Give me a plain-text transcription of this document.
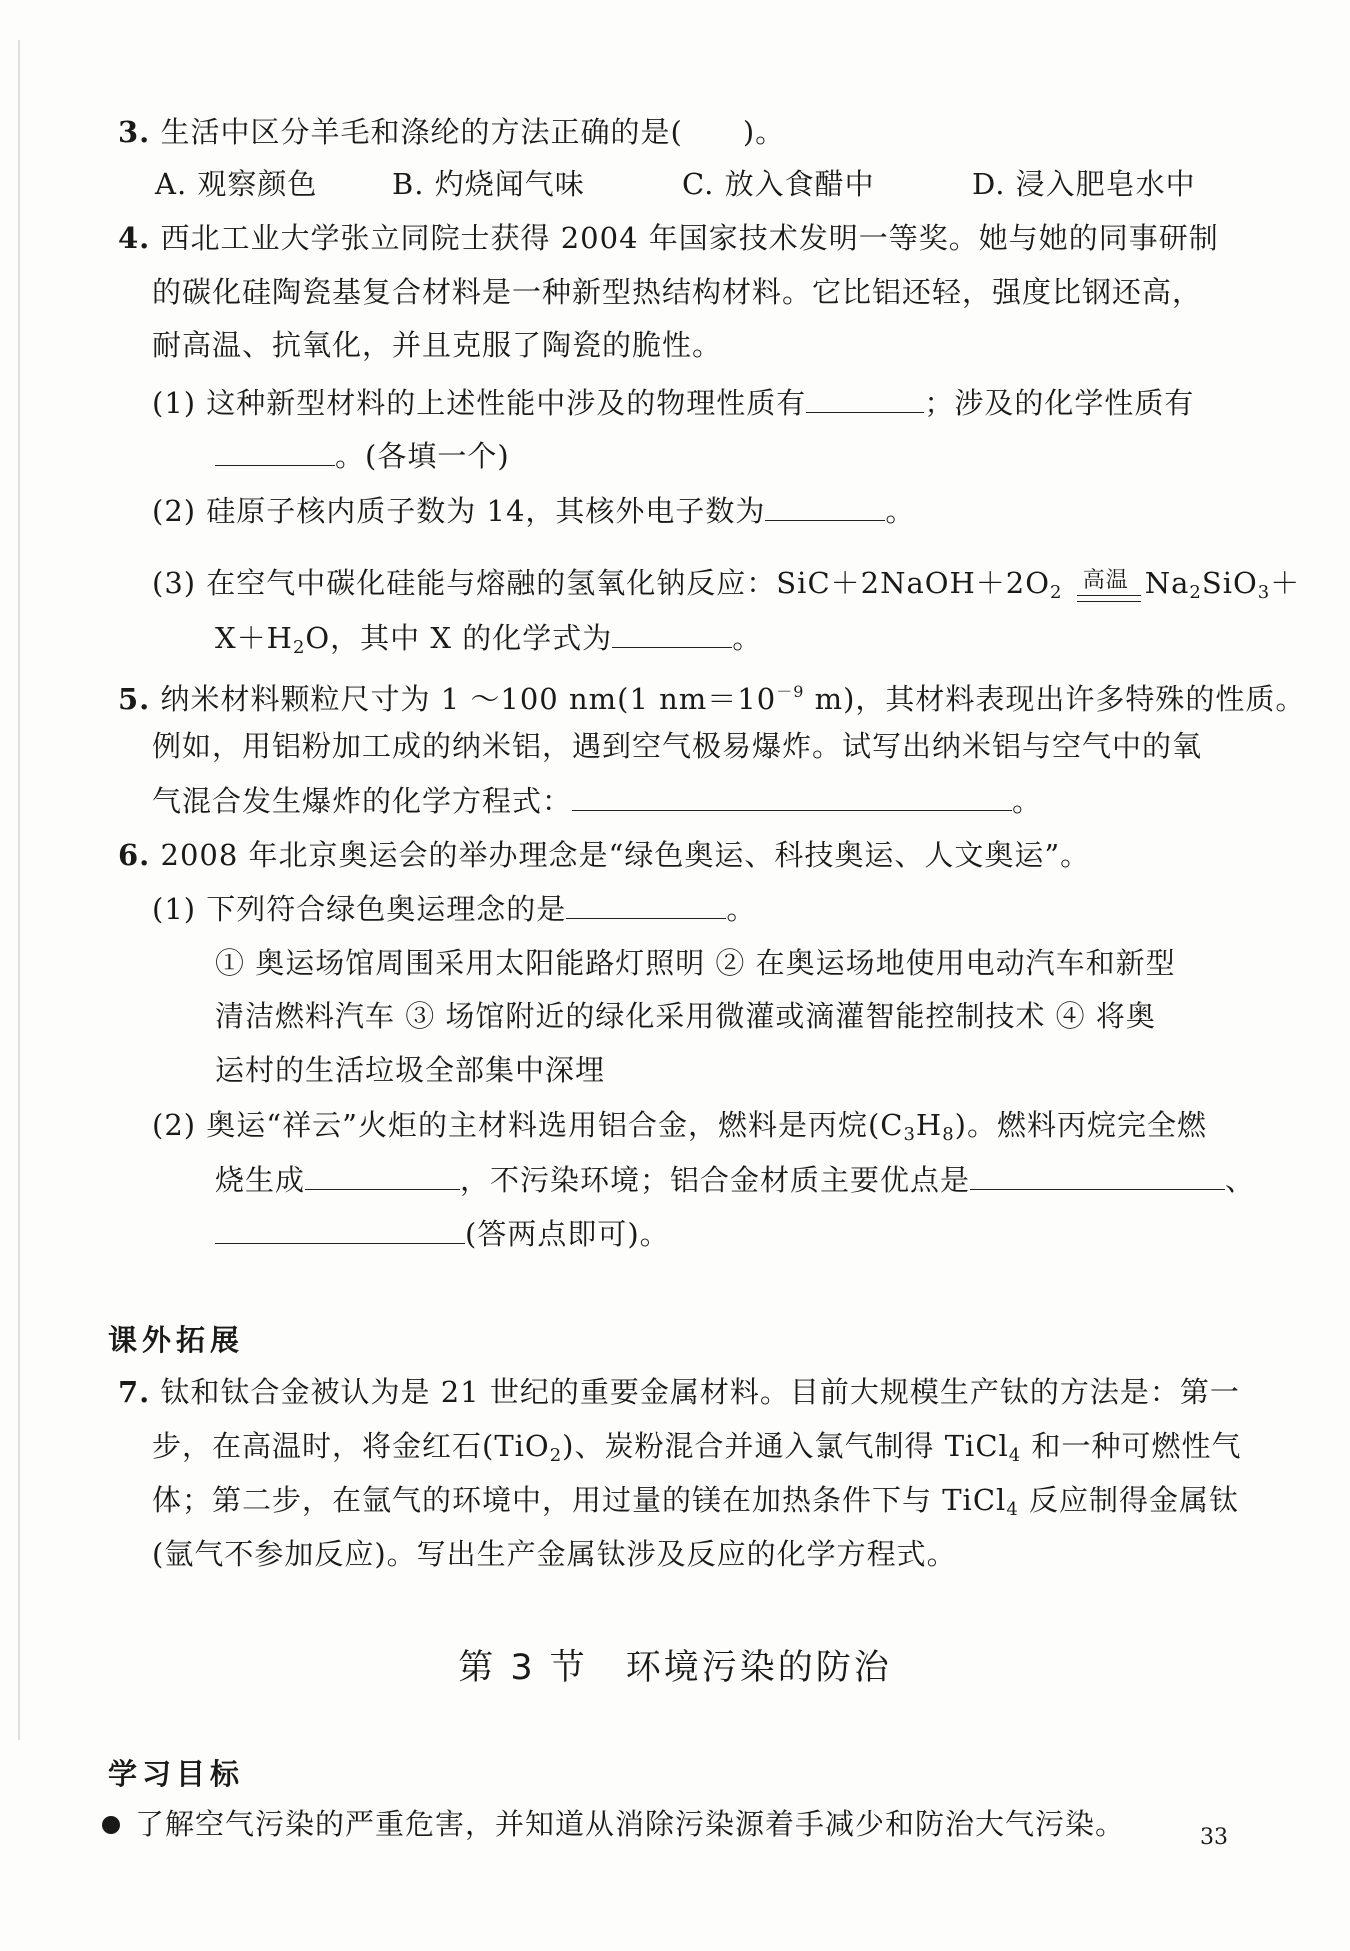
3. 生活中区分羊毛和涤纶的方法正确的是(　　)。
A. 观察颜色	B. 灼烧闻气味	C. 放入食醋中	D. 浸入肥皂水中
4. 西北工业大学张立同院士获得 2004 年国家技术发明一等奖。她与她的同事研制
的碳化硅陶瓷基复合材料是一种新型热结构材料。它比铝还轻，强度比钢还高，
耐高温、抗氧化，并且克服了陶瓷的脆性。
(1) 这种新型材料的上述性能中涉及的物理性质有	；涉及的化学性质有
。(各填一个)
(2) 硅原子核内质子数为 14，其核外电子数为	。
(3) 在空气中碳化硅能与熔融的氢氧化钠反应：$SiC+2NaOH+2O_2$ 高温 $Na_2SiO_3+$
$X+H_2O$，其中 X 的化学式为	。
5. 纳米材料颗粒尺寸为 1 ～100 nm(1 $nm=10^{-9}$ m)，其材料表现出许多特殊的性质。
例如，用铝粉加工成的纳米铝，遇到空气极易爆炸。试写出纳米铝与空气中的氧
气混合发生爆炸的化学方程式：	。
6. 2008 年北京奥运会的举办理念是“绿色奥运、科技奥运、人文奥运”。
(1) 下列符合绿色奥运理念的是	。
① 奥运场馆周围采用太阳能路灯照明 ② 在奥运场地使用电动汽车和新型
清洁燃料汽车 ③ 场馆附近的绿化采用微灌或滴灌智能控制技术 ④ 将奥
运村的生活垃圾全部集中深埋
(2) 奥运“祥云”火炬的主材料选用铝合金，燃料是丙烷$(C_3H_8)$。燃料丙烷完全燃
烧生成	，不污染环境；铝合金材质主要优点是	、
(答两点即可)。
课外拓展
7. 钛和钛合金被认为是 21 世纪的重要金属材料。目前大规模生产钛的方法是：第一
步，在高温时，将金红石(TiO$_2$)、炭粉混合并通入氯气制得 TiCl$_4$ 和一种可燃性气
体；第二步，在氩气的环境中，用过量的镁在加热条件下与 TiCl$_4$ 反应制得金属钛
(氩气不参加反应)。写出生产金属钛涉及反应的化学方程式。
第 3 节　环境污染的防治
学习目标
了解空气污染的严重危害，并知道从消除污染源着手减少和防治大气污染。	33
